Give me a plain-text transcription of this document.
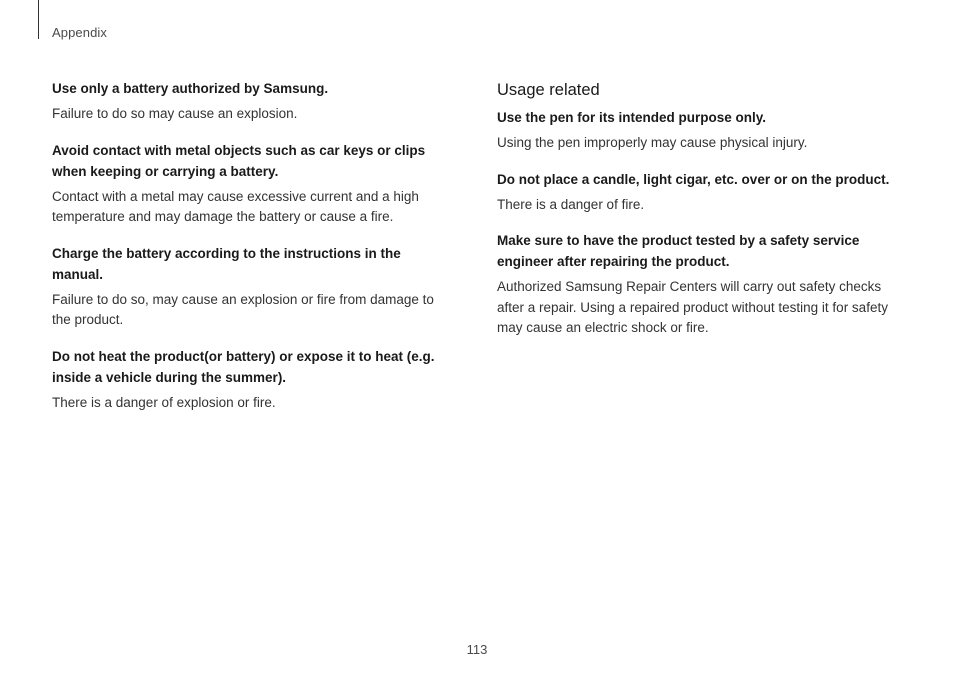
Appendix

Use only a battery authorized by Samsung.

Failure to do so may cause an explosion.

Avoid contact with metal objects such as car keys or clips when keeping or carrying a battery.

Contact with a metal may cause excessive current and a high temperature and may damage the battery or cause a fire.

Charge the battery according to the instructions in the manual.

Failure to do so, may cause an explosion or fire from damage to the product.

Do not heat the product(or battery) or expose it to heat (e.g. inside a vehicle during the summer).

There is a danger of explosion or fire.

Usage related

Use the pen for its intended purpose only.

Using the pen improperly may cause physical injury.

Do not place a candle, light cigar, etc. over or on the product.

There is a danger of fire.

Make sure to have the product tested by a safety service engineer after repairing the product.

Authorized Samsung Repair Centers will carry out safety checks after a repair. Using a repaired product without testing it for safety may cause an electric shock or fire.

113
